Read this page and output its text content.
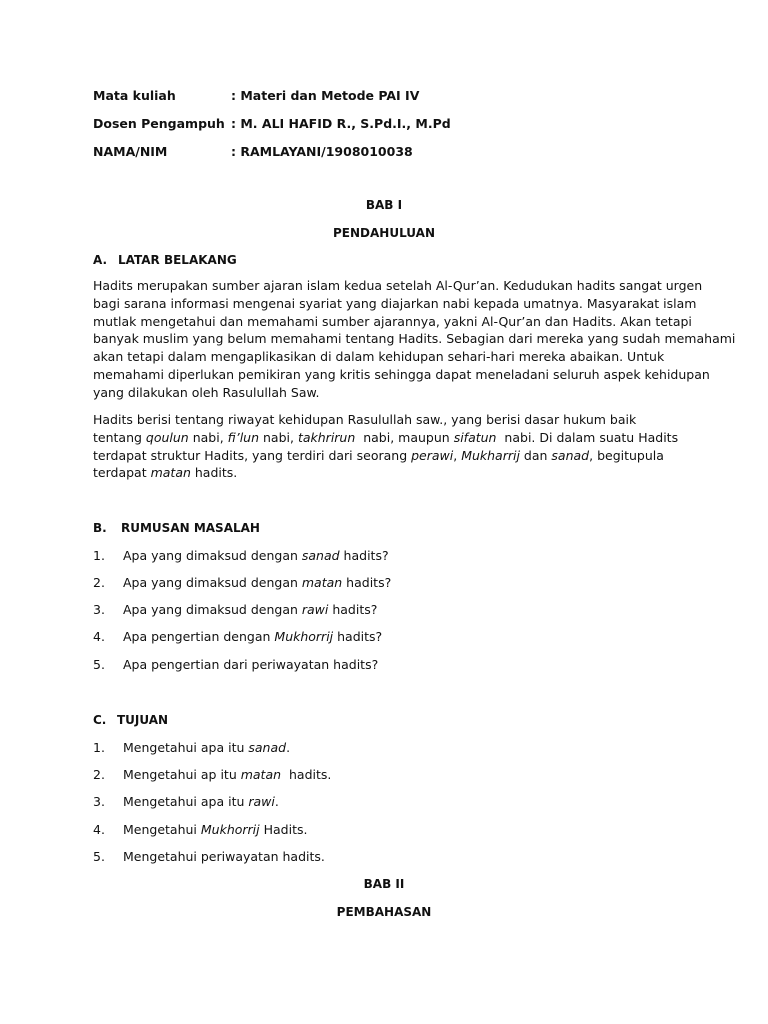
Mata kuliah	: Materi dan Metode PAI IV
Dosen Pengampuh : M. ALI HAFID R., S.Pd.I., M.Pd
NAMA/NIM	: RAMLAYANI/1908010038
BAB I
PENDAHULUAN
A. LATAR BELAKANG
Hadits merupakan sumber ajaran islam kedua setelah Al-Qur’an. Kedudukan hadits sangat urgen
bagi sarana informasi mengenai syariat yang diajarkan nabi kepada umatnya. Masyarakat islam
mutlak mengetahui dan memahami sumber ajarannya, yakni Al-Qur’an dan Hadits. Akan tetapi
banyak muslim yang belum memahami tentang Hadits. Sebagian dari mereka yang sudah memahami
akan tetapi dalam mengaplikasikan di dalam kehidupan sehari-hari mereka abaikan. Untuk
memahami diperlukan pemikiran yang kritis sehingga dapat meneladani seluruh aspek kehidupan
yang dilakukan oleh Rasulullah Saw.
Hadits berisi tentang riwayat kehidupan Rasulullah saw., yang berisi dasar hukum baik
tentang qoulun nabi, fi’lun nabi, takhrirun  nabi, maupun sifatun  nabi. Di dalam suatu Hadits
terdapat struktur Hadits, yang terdiri dari seorang perawi, Mukharrij dan sanad, begitupula
terdapat matan hadits.
B. RUMUSAN MASALAH
1. Apa yang dimaksud dengan sanad hadits?
2. Apa yang dimaksud dengan matan hadits?
3. Apa yang dimaksud dengan rawi hadits?
4. Apa pengertian dengan Mukhorrij hadits?
5. Apa pengertian dari periwayatan hadits?
C. TUJUAN
1. Mengetahui apa itu sanad.
2. Mengetahui ap itu matan  hadits.
3. Mengetahui apa itu rawi.
4. Mengetahui Mukhorrij Hadits.
5. Mengetahui periwayatan hadits.
BAB II
PEMBAHASAN
